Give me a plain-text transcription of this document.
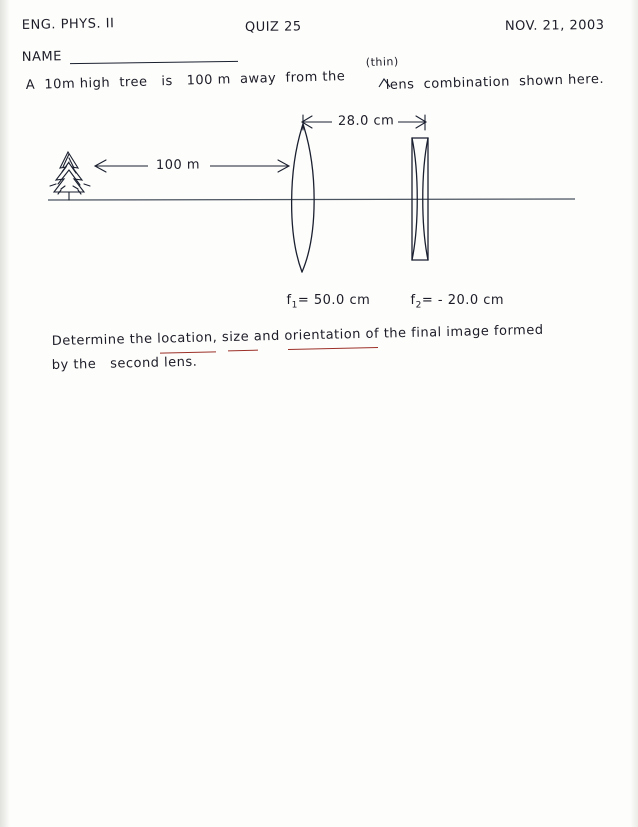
ENG. PHYS. II	QUIZ 25	NOV. 21, 2003
NAME
A  10m high  tree   is   100 m  away  from the
(thin)
lens  combination  shown here.
100 m
28.0 cm

$f_1= 50.0$ cm
	$f_2= - 20.0$ cm

Determine the location, size and orientation of the final image formed
by the   second lens.
